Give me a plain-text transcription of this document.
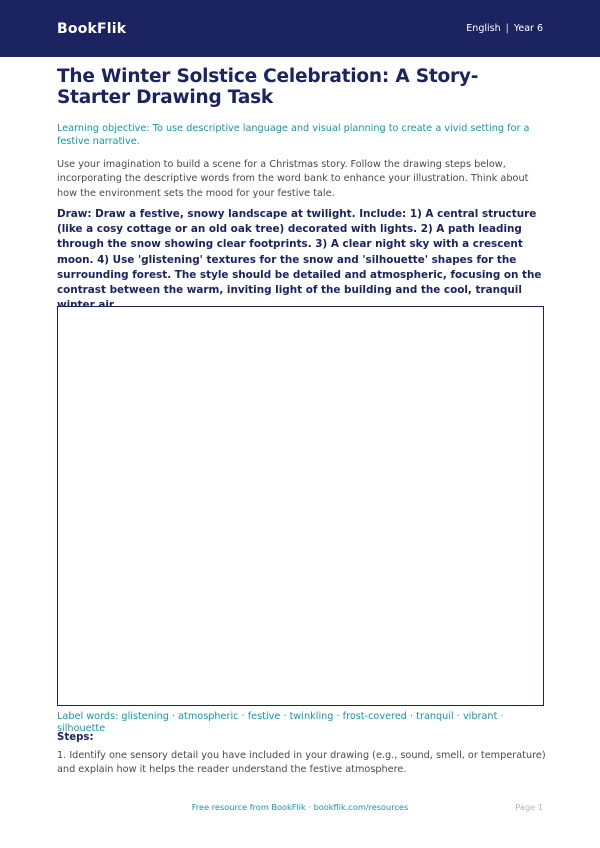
BookFlik	English | Year 6
The Winter Solstice Celebration: A Story-Starter Drawing Task

Learning objective: To use descriptive language and visual planning to create a vivid setting for a festive narrative.

Use your imagination to build a scene for a Christmas story. Follow the drawing steps below, incorporating the descriptive words from the word bank to enhance your illustration. Think about how the environment sets the mood for your festive tale.

Draw: Draw a festive, snowy landscape at twilight. Include: 1) A central structure (like a cosy cottage or an old oak tree) decorated with lights. 2) A path leading through the snow showing clear footprints. 3) A clear night sky with a crescent moon. 4) Use 'glistening' textures for the snow and 'silhouette' shapes for the surrounding forest. The style should be detailed and atmospheric, focusing on the contrast between the warm, inviting light of the building and the cool, tranquil

Label words: glistening · atmospheric · festive · twinkling · frost-covered · tranquil · vibrant · silhouette

Steps:

1. Identify one sensory detail you have included in your drawing (e.g., sound, smell, or temperature) and explain how it helps the reader understand the festive atmosphere.

Free resource from BookFlik · bookflik.com/resources	Page 1
